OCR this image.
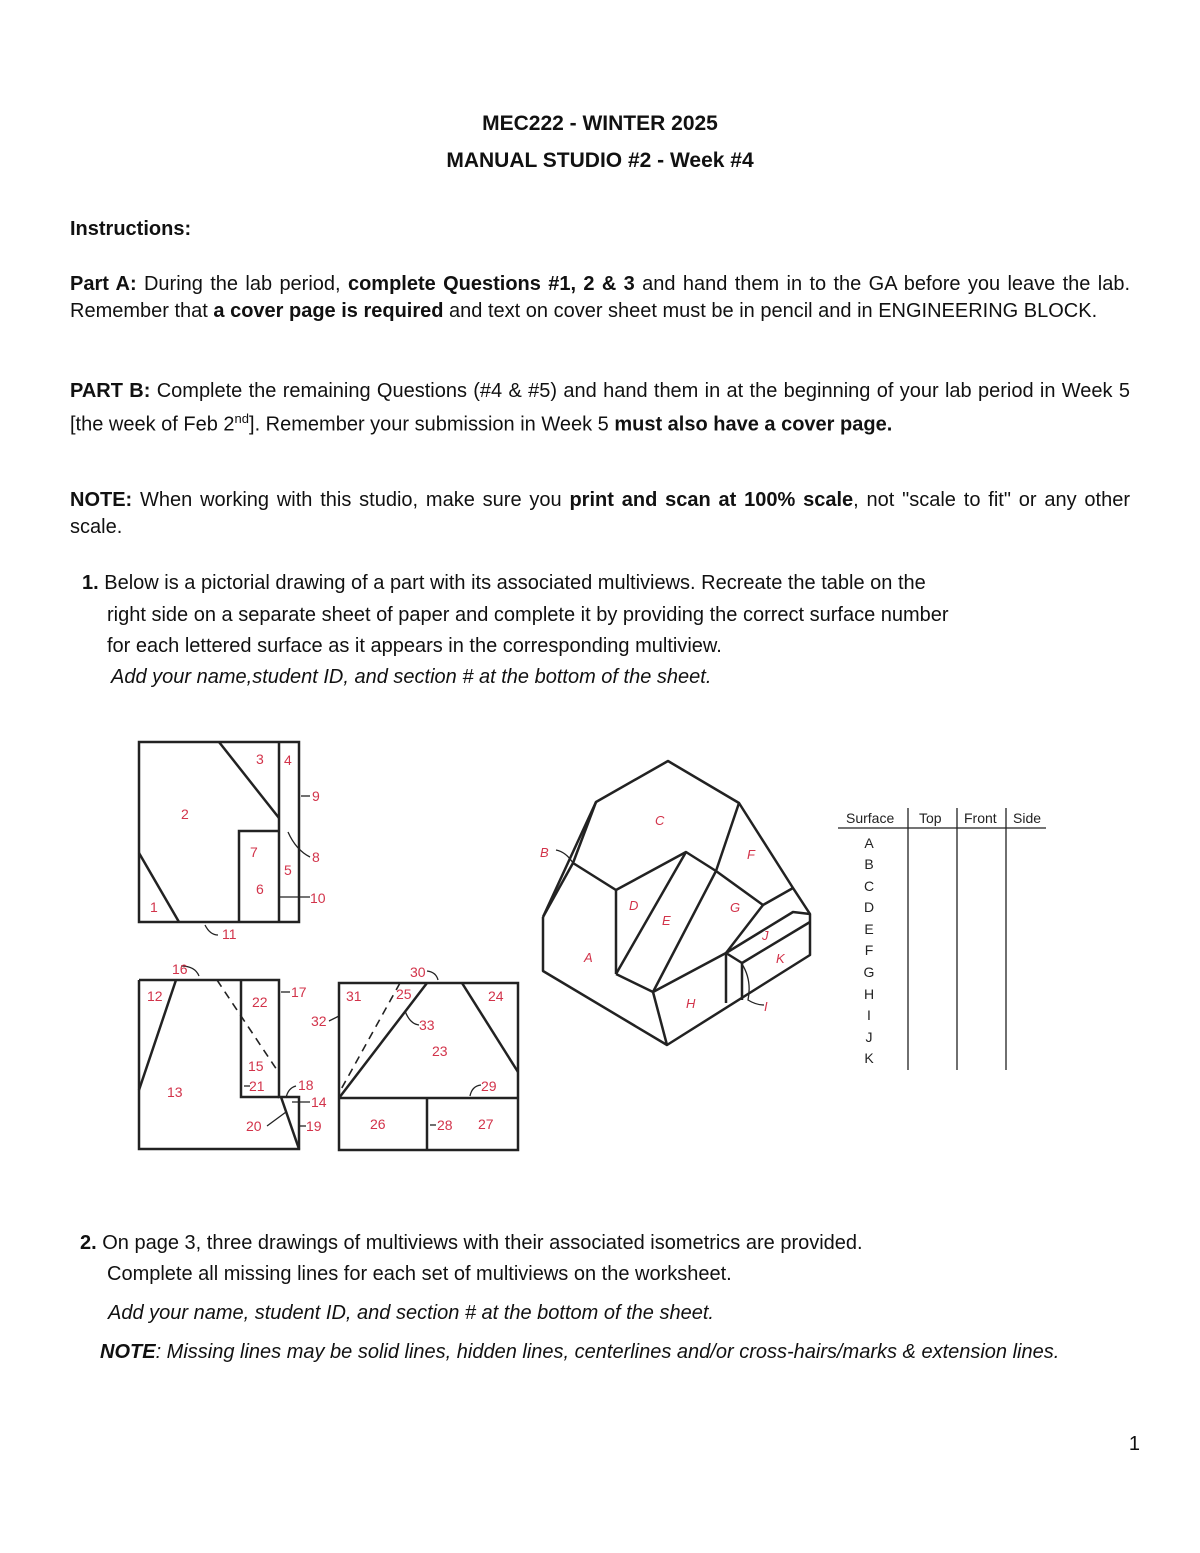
MEC222 - WINTER 2025
MANUAL STUDIO #2 - Week #4
Instructions:
Part A: During the lab period, complete Questions #1, 2 & 3 and hand them in to the GA before you leave the lab. Remember that a cover page is required and text on cover sheet must be in pencil and in ENGINEERING BLOCK.
PART B: Complete the remaining Questions (#4 & #5) and hand them in at the beginning of your lab period in Week 5 [the week of Feb 2nd]. Remember your submission in Week 5 must also have a cover page.
NOTE: When working with this studio, make sure you print and scan at 100% scale, not "scale to fit" or any other scale.
1. Below is a pictorial drawing of a part with its associated multiviews. Recreate the table on the
right side on a separate sheet of paper and complete it by providing the correct surface number
for each lettered surface as it appears in the corresponding multiview.
Add your name,student ID, and section # at the bottom of the sheet.
3 4
9
2
7	8
5
6
10
1
11
16
17
12	22
13
15
21 18
14
20	19
30
31 25	24
32	33
23
29
26	28 27
C
B	F
D
E
G
A
J
K
H	I
Surface Top Front Side
A
B
C
D
E
F
G
H
I
J
K
2. On page 3, three drawings of multiviews with their associated isometrics are provided.
Complete all missing lines for each set of multiviews on the worksheet.
Add your name, student ID, and section # at the bottom of the sheet.
NOTE: Missing lines may be solid lines, hidden lines, centerlines and/or cross-hairs/marks & extension lines.
1
